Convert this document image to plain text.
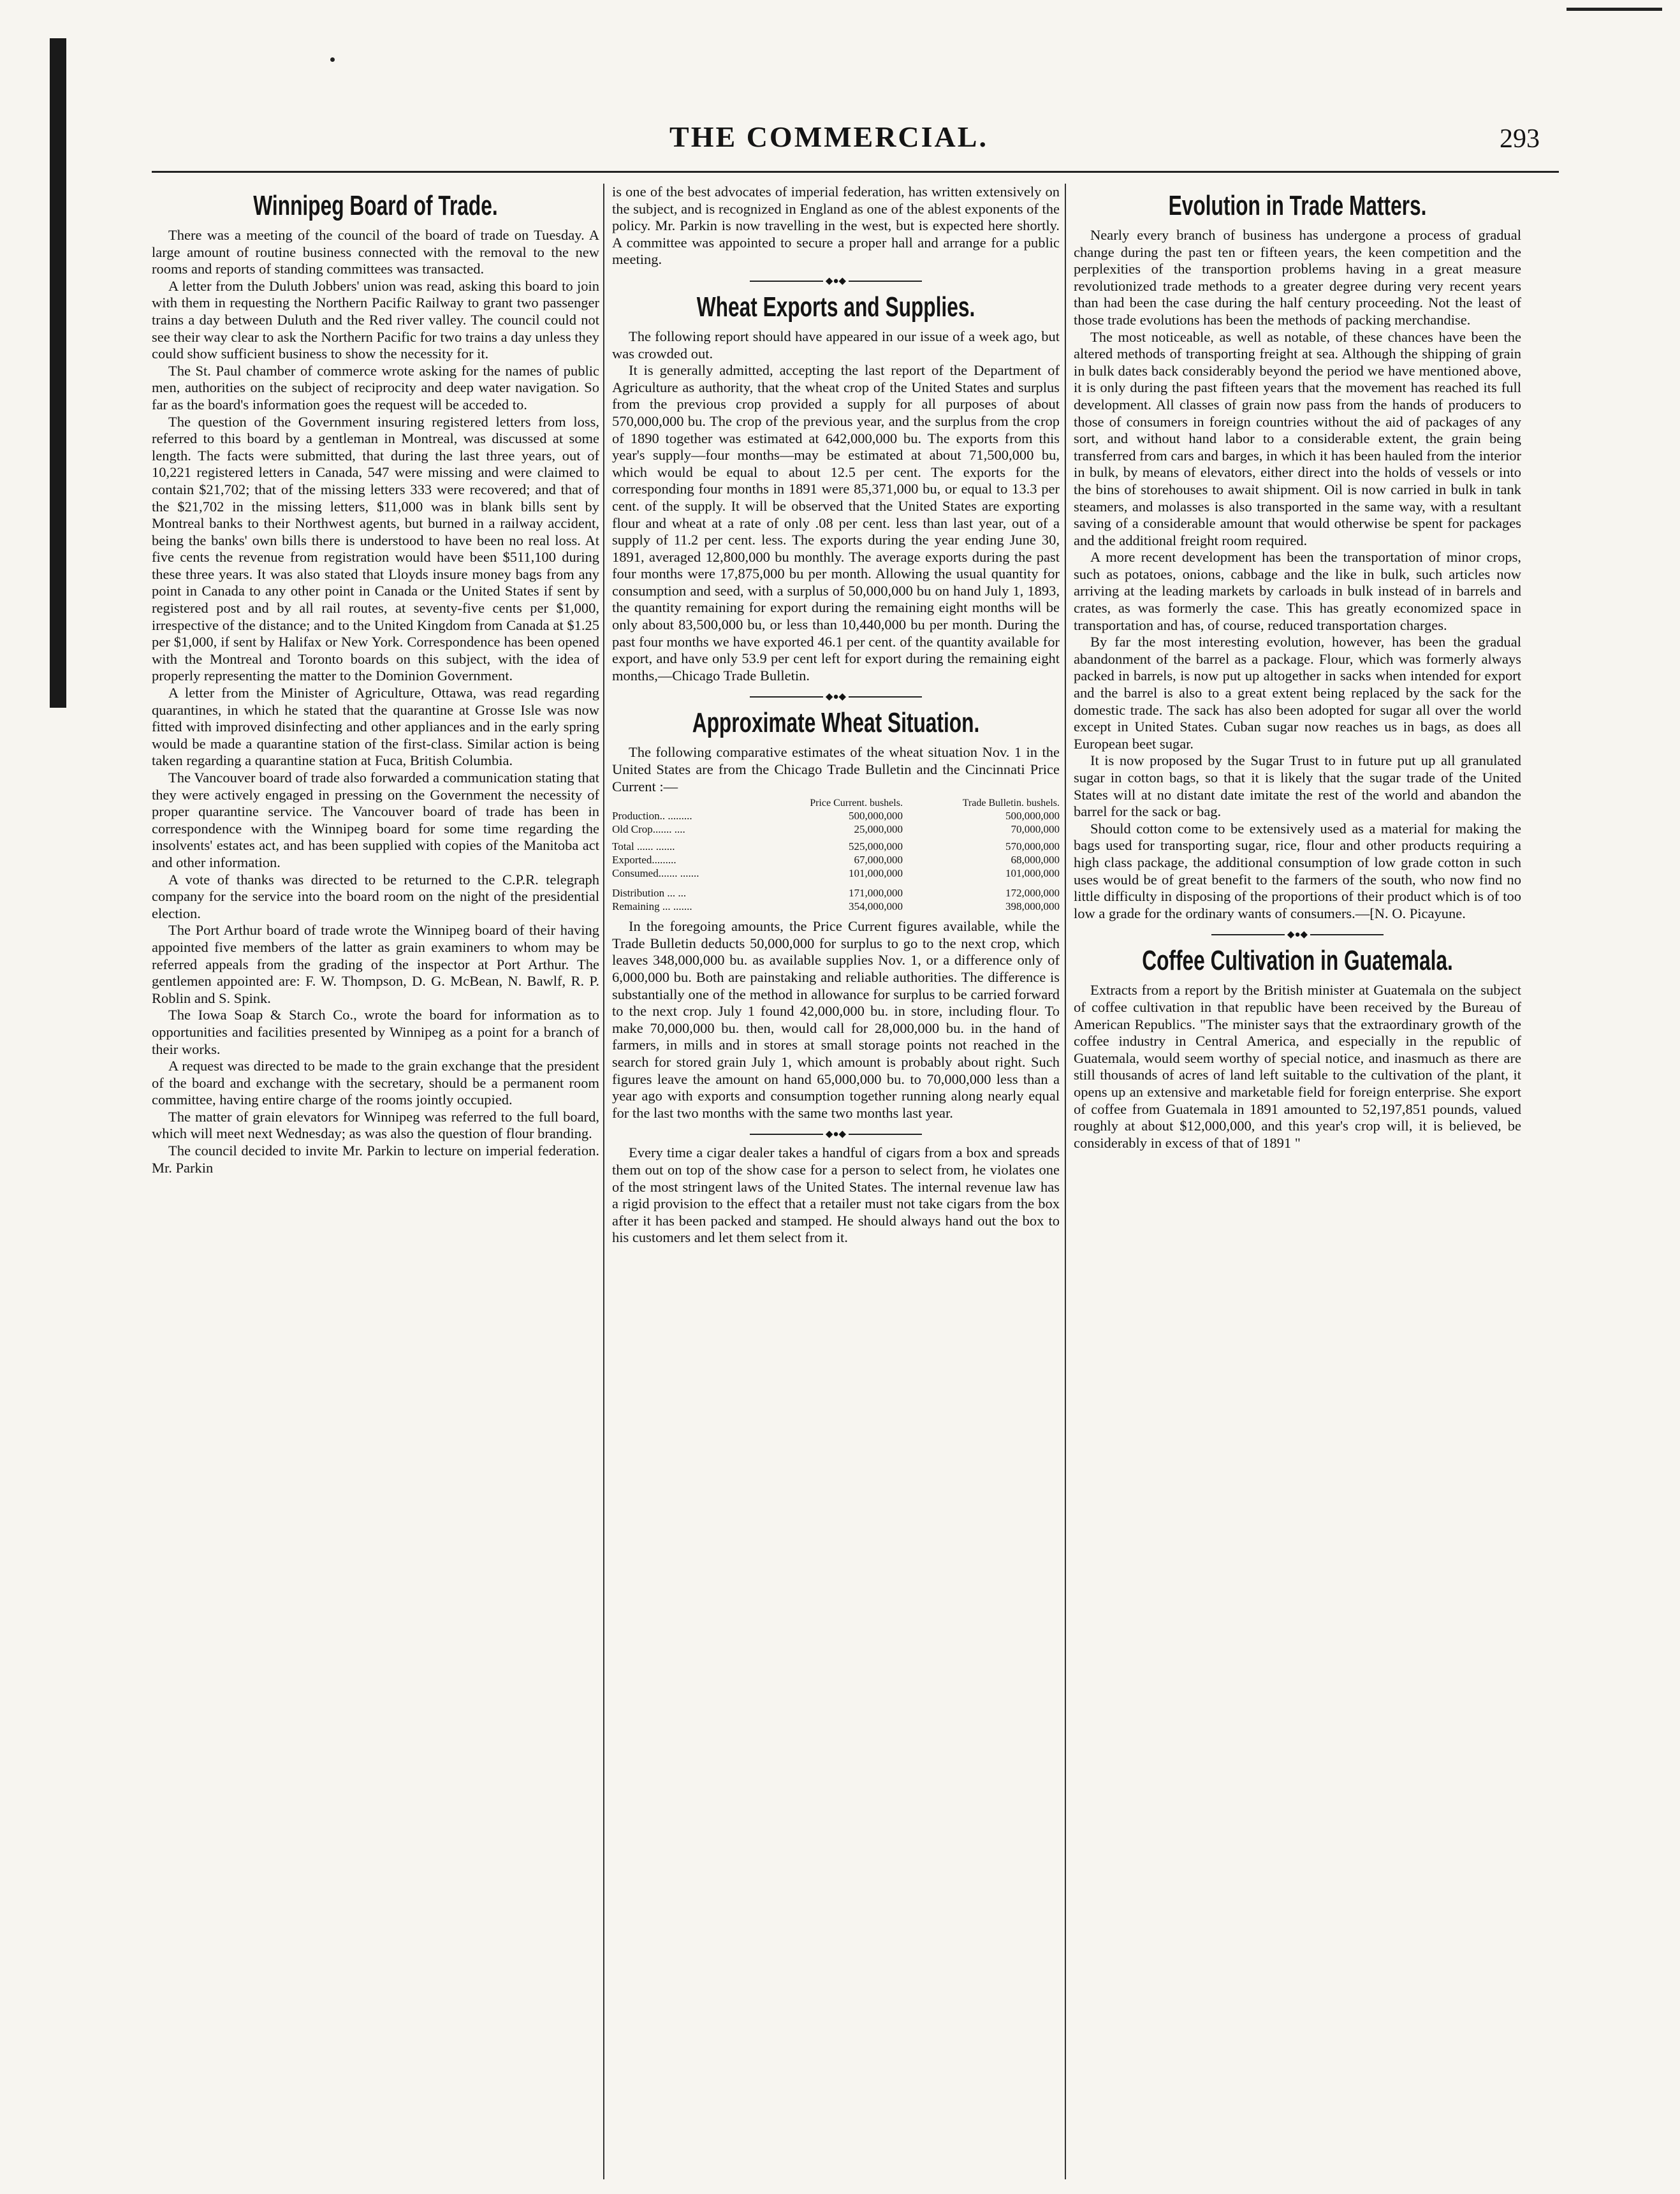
THE COMMERCIAL.	293
Winnipeg Board of Trade.

There was a meeting of the council of the board of trade on Tuesday. A large amount of routine business connected with the removal to the new rooms and reports of standing committees was transacted.

A letter from the Duluth Jobbers' union was read, asking this board to join with them in requesting the Northern Pacific Railway to grant two passenger trains a day between Duluth and the Red river valley. The council could not see their way clear to ask the Northern Pacific for two trains a day unless they could show sufficient business to show the necessity for it.

The St. Paul chamber of commerce wrote asking for the names of public men, authorities on the subject of reciprocity and deep water navigation. So far as the board's information goes the request will be acceded to.

The question of the Government insuring registered letters from loss, referred to this board by a gentleman in Montreal, was discussed at some length. The facts were submitted, that during the last three years, out of 10,221 registered letters in Canada, 547 were missing and were claimed to contain $21,702; that of the missing letters 333 were recovered; and that of the $21,702 in the missing letters, $11,000 was in blank bills sent by Montreal banks to their Northwest agents, but burned in a railway accident, being the banks' own bills there is understood to have been no real loss. At five cents the revenue from registration would have been $511,100 during these three years. It was also stated that Lloyds insure money bags from any point in Canada to any other point in Canada or the United States if sent by registered post and by all rail routes, at seventy-five cents per $1,000, irrespective of the distance; and to the United Kingdom from Canada at $1.25 per $1,000, if sent by Halifax or New York. Correspondence has been opened with the Montreal and Toronto boards on this subject, with the idea of properly representing the matter to the Dominion Government.

A letter from the Minister of Agriculture, Ottawa, was read regarding quarantines, in which he stated that the quarantine at Grosse Isle was now fitted with improved disinfecting and other appliances and in the early spring would be made a quarantine station of the first-class. Similar action is being taken regarding a quarantine station at Fuca, British Columbia.

The Vancouver board of trade also forwarded a communication stating that they were actively engaged in pressing on the Government the necessity of proper quarantine service. The Vancouver board of trade has been in correspondence with the Winnipeg board for some time regarding the insolvents' estates act, and has been supplied with copies of the Manitoba act and other information.

A vote of thanks was directed to be returned to the C.P.R. telegraph company for the service into the board room on the night of the presidential election.

The Port Arthur board of trade wrote the Winnipeg board of their having appointed five members of the latter as grain examiners to whom may be referred appeals from the grading of the inspector at Port Arthur. The gentlemen appointed are: F. W. Thompson, D. G. McBean, N. Bawlf, R. P. Roblin and S. Spink.

The Iowa Soap & Starch Co., wrote the board for information as to opportunities and facilities presented by Winnipeg as a point for a branch of their works.

A request was directed to be made to the grain exchange that the president of the board and exchange with the secretary, should be a permanent room committee, having entire charge of the rooms jointly occupied.

The matter of grain elevators for Winnipeg was referred to the full board, which will meet next Wednesday; as was also the question of flour branding.

The council decided to invite Mr. Parkin to lecture on imperial federation. Mr. Parkin

is one of the best advocates of imperial federation, has written extensively on the subject, and is recognized in England as one of the ablest exponents of the policy. Mr. Parkin is now travelling in the west, but is expected here shortly. A committee was appointed to secure a proper hall and arrange for a public meeting.

◆●◆
Wheat Exports and Supplies.

The following report should have appeared in our issue of a week ago, but was crowded out.

It is generally admitted, accepting the last report of the Department of Agriculture as authority, that the wheat crop of the United States and surplus from the previous crop provided a supply for all purposes of about 570,000,000 bu. The crop of the previous year, and the surplus from the crop of 1890 together was estimated at 642,000,000 bu. The exports from this year's supply—four months—may be estimated at about 71,500,000 bu, which would be equal to about 12.5 per cent. The exports for the corresponding four months in 1891 were 85,371,000 bu, or equal to 13.3 per cent. of the supply. It will be observed that the United States are exporting flour and wheat at a rate of only .08 per cent. less than last year, out of a supply of 11.2 per cent. less. The exports during the year ending June 30, 1891, averaged 12,800,000 bu monthly. The average exports during the past four months were 17,875,000 bu per month. Allowing the usual quantity for consumption and seed, with a surplus of 50,000,000 bu on hand July 1, 1893, the quantity remaining for export during the remaining eight months will be only about 83,500,000 bu, or less than 10,440,000 bu per month. During the past four months we have exported 46.1 per cent. of the quantity available for export, and have only 53.9 per cent left for export during the remaining eight months,—Chicago Trade Bulletin.

◆●◆
Approximate Wheat Situation.

The following comparative estimates of the wheat situation Nov. 1 in the United States are from the Chicago Trade Bulletin and the Cincinnati Price Current :—

	Price Current. bushels.	Trade Bulletin. bushels.
Production.. .........	500,000,000	500,000,000
Old Crop....... ....	25,000,000	70,000,000
Total ...... .......	525,000,000	570,000,000
Exported.........	67,000,000	68,000,000
Consumed....... .......	101,000,000	101,000,000
Distribution ... ...	171,000,000	172,000,000
Remaining ... .......	354,000,000	398,000,000

In the foregoing amounts, the Price Current figures available, while the Trade Bulletin deducts 50,000,000 for surplus to go to the next crop, which leaves 348,000,000 bu. as available supplies Nov. 1, or a difference only of 6,000,000 bu. Both are painstaking and reliable authorities. The difference is substantially one of the method in allowance for surplus to be carried forward to the next crop. July 1 found 42,000,000 bu. in store, including flour. To make 70,000,000 bu. then, would call for 28,000,000 bu. in the hand of farmers, in mills and in stores at small storage points not reached in the search for stored grain July 1, which amount is probably about right. Such figures leave the amount on hand 65,000,000 bu. to 70,000,000 less than a year ago with exports and consumption together running along nearly equal for the last two months with the same two months last year.

◆●◆

Every time a cigar dealer takes a handful of cigars from a box and spreads them out on top of the show case for a person to select from, he violates one of the most stringent laws of the United States. The internal revenue law has a rigid provision to the effect that a retailer must not take cigars from the box after it has been packed and stamped. He should always hand out the box to his customers and let them select from it.

Evolution in Trade Matters.

Nearly every branch of business has undergone a process of gradual change during the past ten or fifteen years, the keen competition and the perplexities of the transportion problems having in a great measure revolutionized trade methods to a greater degree during very recent years than had been the case during the half century proceeding. Not the least of those trade evolutions has been the methods of packing merchandise.

The most noticeable, as well as notable, of these chances have been the altered methods of transporting freight at sea. Although the shipping of grain in bulk dates back considerably beyond the period we have mentioned above, it is only during the past fifteen years that the movement has reached its full development. All classes of grain now pass from the hands of producers to those of consumers in foreign countries without the aid of packages of any sort, and without hand labor to a considerable extent, the grain being transferred from cars and barges, in which it has been hauled from the interior in bulk, by means of elevators, either direct into the holds of vessels or into the bins of storehouses to await shipment. Oil is now carried in bulk in tank steamers, and molasses is also transported in the same way, with a resultant saving of a considerable amount that would otherwise be spent for packages and the additional freight room required.

A more recent development has been the transportation of minor crops, such as potatoes, onions, cabbage and the like in bulk, such articles now arriving at the leading markets by carloads in bulk instead of in barrels and crates, as was formerly the case. This has greatly economized space in transportation and has, of course, reduced transportation charges.

By far the most interesting evolution, however, has been the gradual abandonment of the barrel as a package. Flour, which was formerly always packed in barrels, is now put up altogether in sacks when intended for export and the barrel is also to a great extent being replaced by the sack for the domestic trade. The sack has also been adopted for sugar all over the world except in United States. Cuban sugar now reaches us in bags, as does all European beet sugar.

It is now proposed by the Sugar Trust to in future put up all granulated sugar in cotton bags, so that it is likely that the sugar trade of the United States will at no distant date imitate the rest of the world and abandon the barrel for the sack or bag.

Should cotton come to be extensively used as a material for making the bags used for transporting sugar, rice, flour and other products requiring a high class package, the additional consumption of low grade cotton in such uses would be of great benefit to the farmers of the south, who now find no little difficulty in disposing of the proportions of their product which is of too low a grade for the ordinary wants of consumers.—[N. O. Picayune.

◆●◆
Coffee Cultivation in Guatemala.

Extracts from a report by the British minister at Guatemala on the subject of coffee cultivation in that republic have been received by the Bureau of American Republics. "The minister says that the extraordinary growth of the coffee industry in Central America, and especially in the republic of Guatemala, would seem worthy of special notice, and inasmuch as there are still thousands of acres of land left suitable to the cultivation of the plant, it opens up an extensive and marketable field for foreign enterprise. She export of coffee from Guatemala in 1891 amounted to 52,197,851 pounds, valued roughly at about $12,000,000, and this year's crop will, it is believed, be considerably in excess of that of 1891 "
